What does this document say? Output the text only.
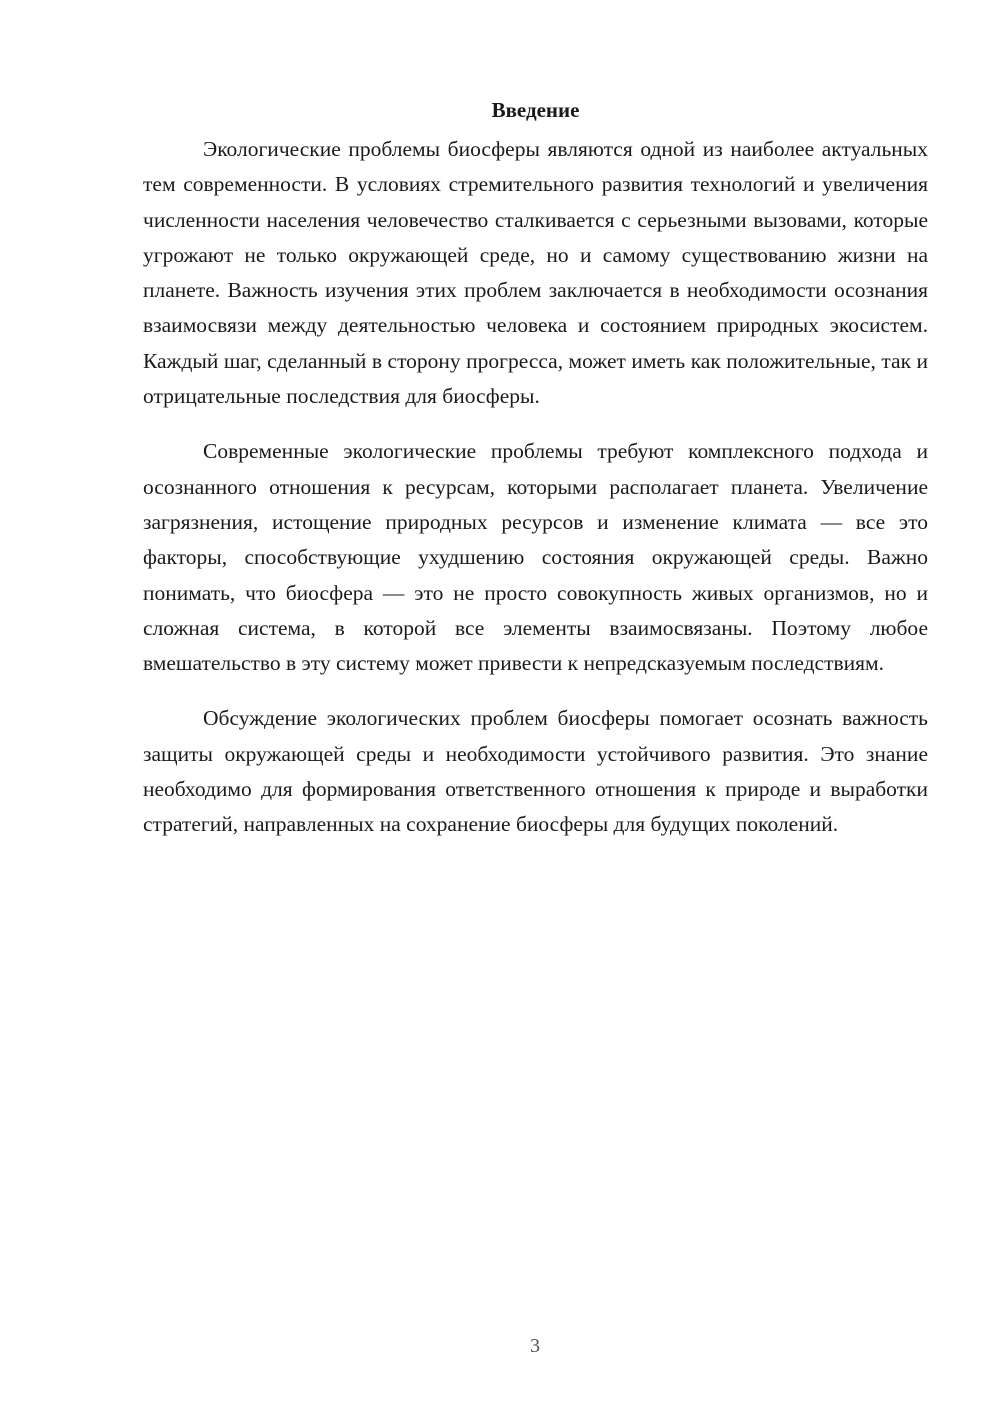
Введение

Экологические проблемы биосферы являются одной из наиболее актуальных тем современности. В условиях стремительного развития технологий и увеличения численности населения человечество сталкивается с серьезными вызовами, которые угрожают не только окружающей среде, но и самому существованию жизни на планете. Важность изучения этих проблем заключается в необходимости осознания взаимосвязи между деятельностью человека и состоянием природных экосистем. Каждый шаг, сделанный в сторону прогресса, может иметь как положительные, так и отрицательные последствия для биосферы.

Современные экологические проблемы требуют комплексного подхода и осознанного отношения к ресурсам, которыми располагает планета. Увеличение загрязнения, истощение природных ресурсов и изменение климата — все это факторы, способствующие ухудшению состояния окружающей среды. Важно понимать, что биосфера — это не просто совокупность живых организмов, но и сложная система, в которой все элементы взаимосвязаны. Поэтому любое вмешательство в эту систему может привести к непредсказуемым последствиям.

Обсуждение экологических проблем биосферы помогает осознать важность защиты окружающей среды и необходимости устойчивого развития. Это знание необходимо для формирования ответственного отношения к природе и выработки стратегий, направленных на сохранение биосферы для будущих поколений.

3
